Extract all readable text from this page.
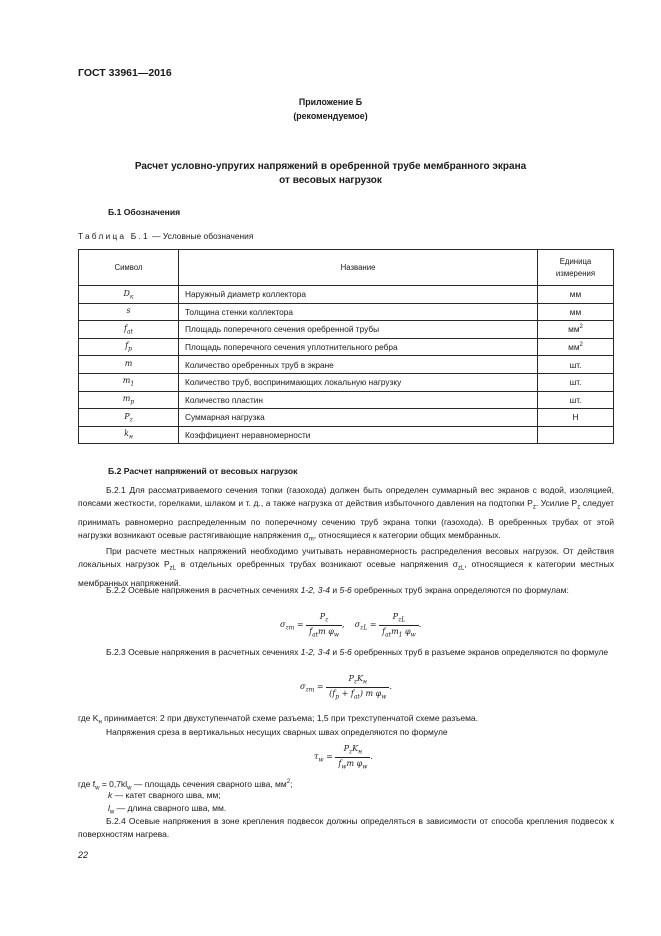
ГОСТ 33961—2016
Приложение Б
(рекомендуемое)
Расчет условно-упругих напряжений в оребренной трубе мембранного экрана
от весовых нагрузок
Б.1 Обозначения
Таблица Б.1 — Условные обозначения
Символ	Название	Единица
измерения

$D_к$	Наружный диаметр коллектора	мм
s	Толщина стенки коллектора	мм
$f_{at}$	Площадь поперечного сечения оребренной трубы	$мм^2$
$f_p$	Площадь поперечного сечения уплотнительного ребра	$мм^2$
m	Количество оребренных труб в экране	шт.
$m_1$	Количество труб, воспринимающих локальную нагрузку	шт.
$m_p$	Количество пластин	шт.
$P_z$	Суммарная нагрузка	Н
$k_н$	Коэффициент неравномерности	
Б.2 Расчет напряжений от весовых нагрузок
Б.2.1 Для рассматриваемого сечения топки (газохода) должен быть определен суммарный вес экранов с водой, изоляцией, поясами жесткости, горелками, шлаком и т. д., а также нагрузка от действия избыточного давления на подтопки $P_z$. Усилие $P_z$ следует принимать равномерно распределенным по поперечному сечению труб экрана топки (газохода). В оребренных трубах от этой нагрузки возникают осевые растягивающие напряжения $\sigma_m$, относящиеся к категории общих мембранных.
При расчете местных напряжений необходимо учитывать неравномерность распределения весовых нагрузок. От действия локальных нагрузок $P_{zL}$ в отдельных оребренных трубах возникают осевые напряжения $\sigma_{zL}$, относящиеся к категории местных мембранных напряжений.
Б.2.2 Осевые напряжения в расчетных сечениях 1-2, 3-4 и 5-6 оребренных труб экрана определяются по формулам:
$\sigma_{zm} = \frac{P_z}{f_{at}m \varphi_w}$ ,    $\sigma_{zL} = \frac{P_{zL}}{f_{at}m_1 \varphi_w}$ .
Б.2.3 Осевые напряжения в расчетных сечениях 1-2, 3-4 и 5-6 оребренных труб в разъеме экранов определяются по формуле
$\sigma_{zm} = \frac{P_zK_н}{(f_p + f_{at}) m \varphi_w}$ .
где $K_н$ принимается: 2 при двухступенчатой схеме разъема; 1,5 при трехступенчатой схеме разъема.
Напряжения среза в вертикальных несущих сварных швах определяются по формуле
$\tau_w = \frac{P_zK_н}{f_wm \varphi_w}$ .
где $f_w = 0,7kl_w$ — площадь сечения сварного шва, $мм^2$;
k — катет сварного шва, мм;
$l_w$ — длина сварного шва, мм.
Б.2.4 Осевые напряжения в зоне крепления подвесок должны определяться в зависимости от способа крепления подвесок к поверхностям нагрева.
22
